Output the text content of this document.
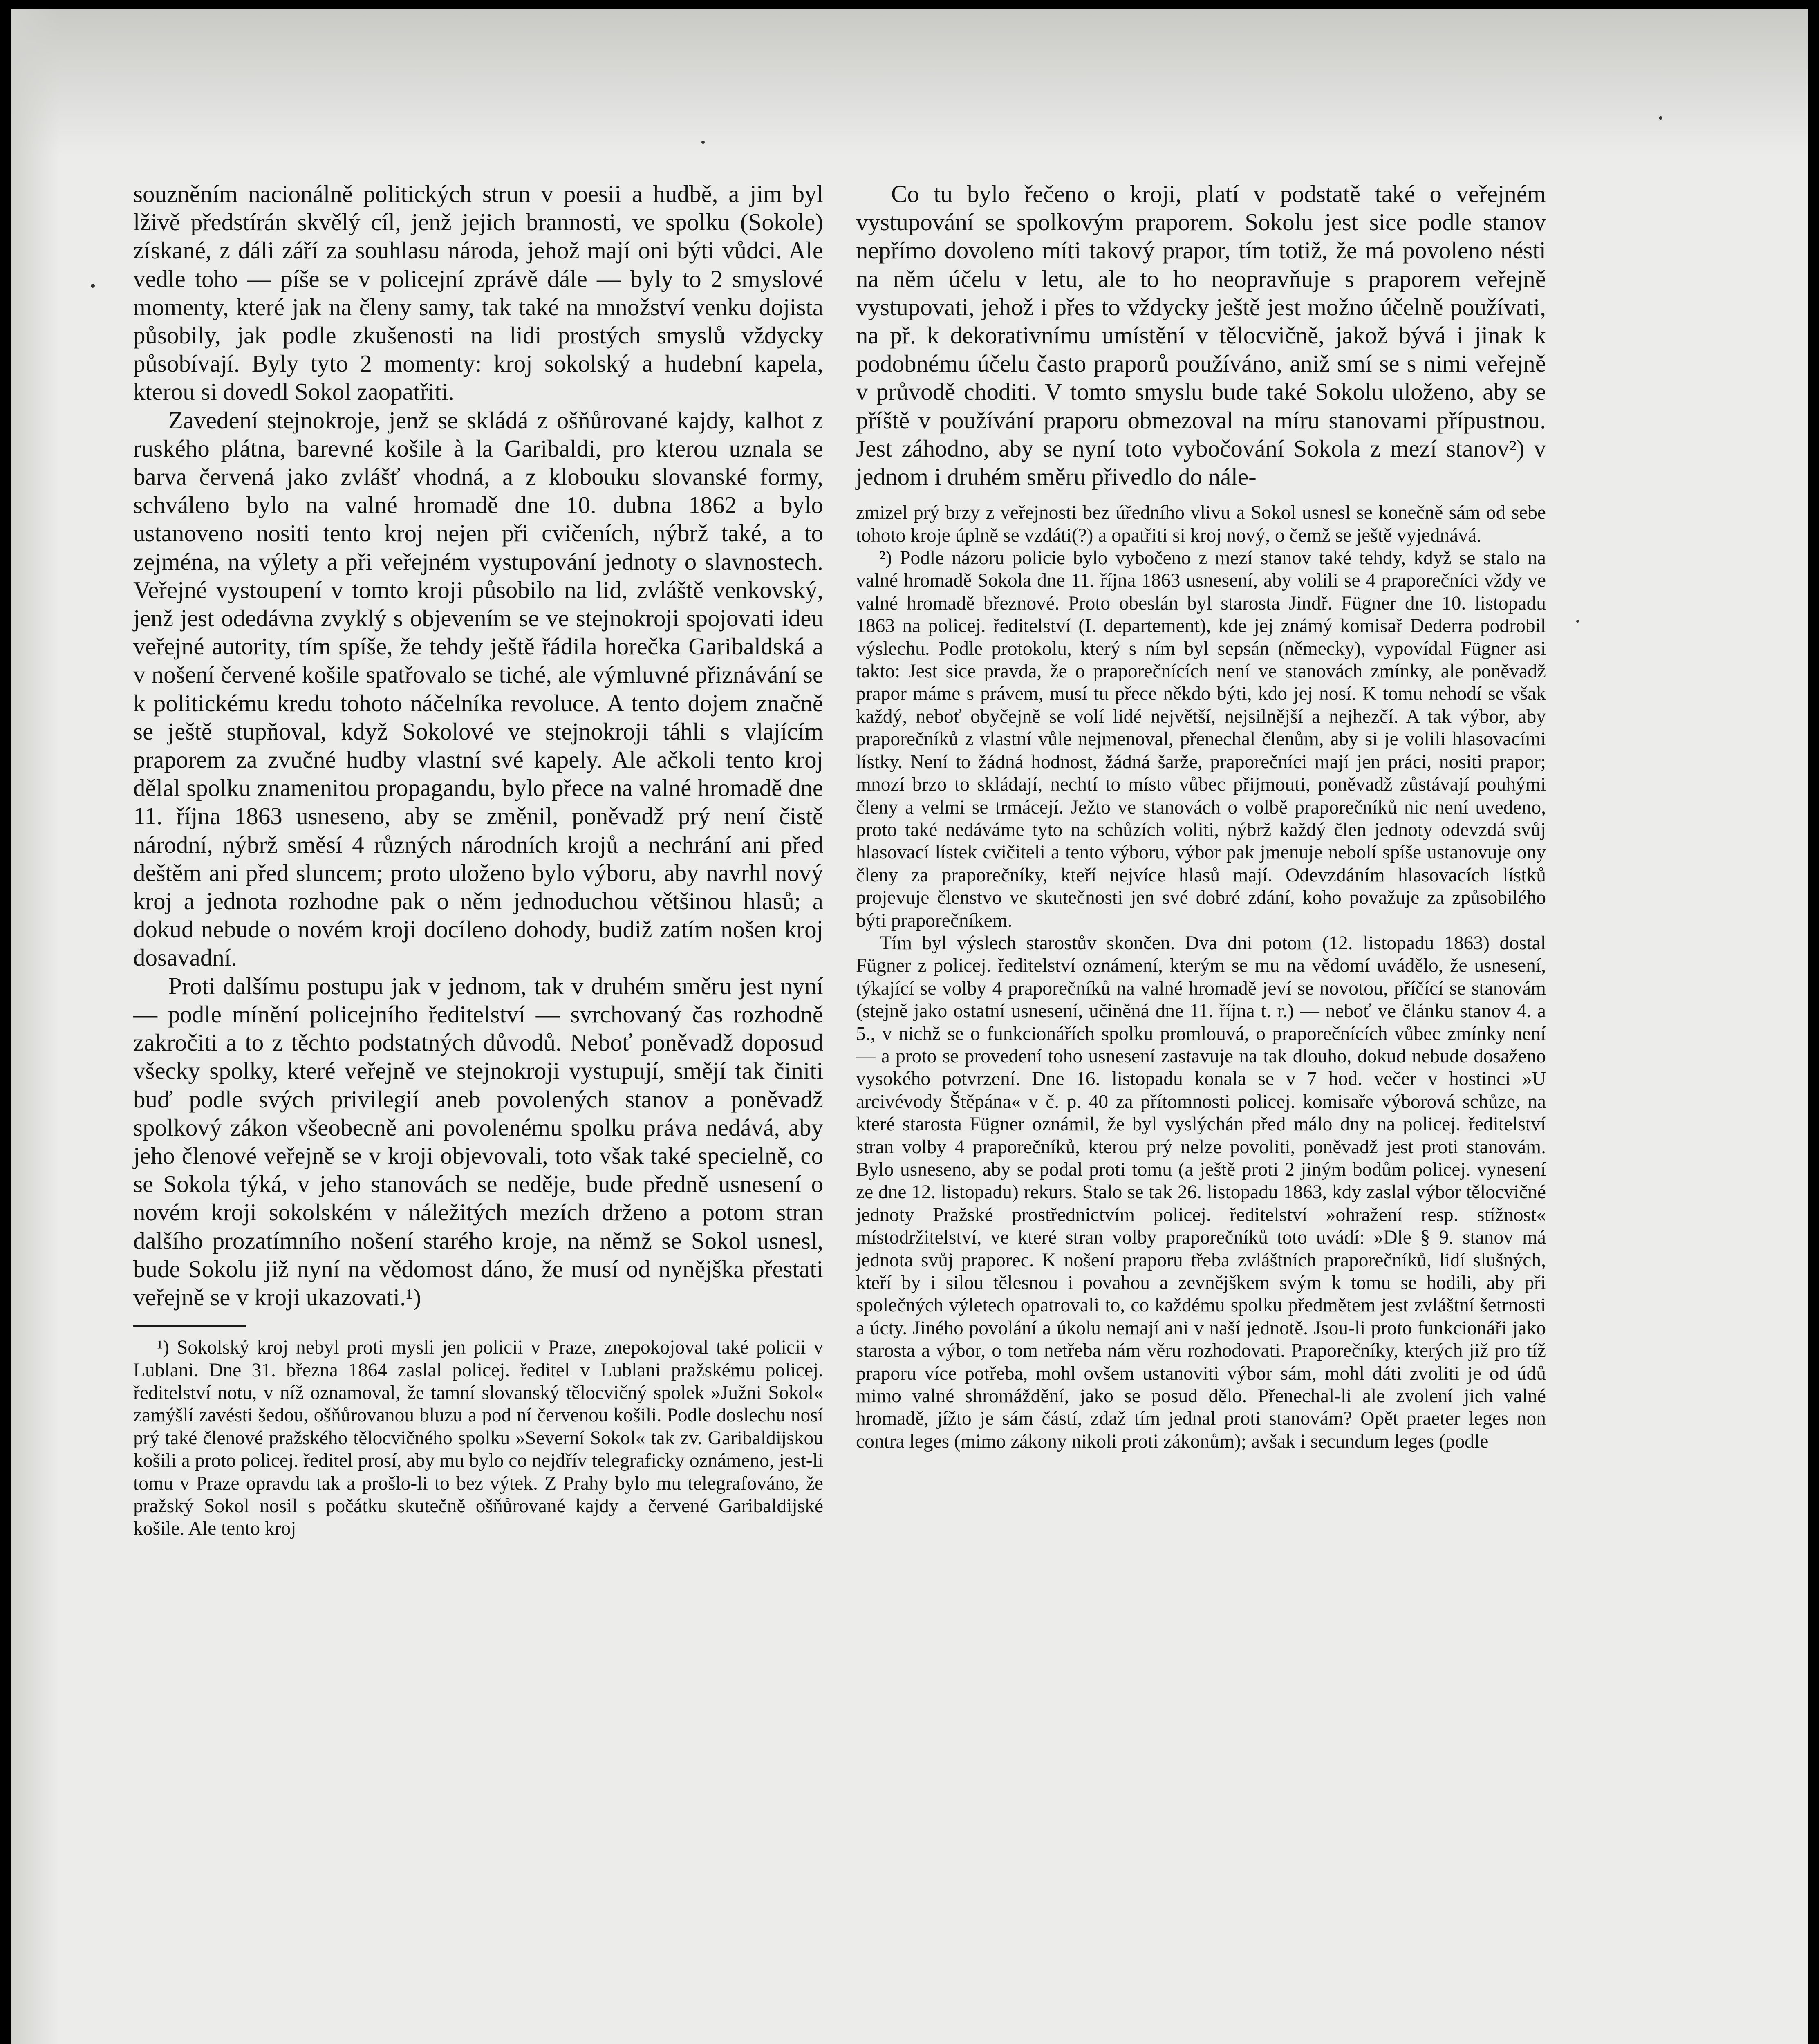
souzněním nacionálně politických strun v poesii a hudbě, a jim byl lživě předstírán skvělý cíl, jenž jejich brannosti, ve spolku (Sokole) získané, z dáli září za souhlasu národa, jehož mají oni býti vůdci. Ale vedle toho — píše se v policejní zprávě dále — byly to 2 smyslové momenty, které jak na členy samy, tak také na množství venku dojista působily, jak podle zkušenosti na lidi prostých smyslů vždycky působívají. Byly tyto 2 momenty: kroj sokolský a hudební kapela, kterou si dovedl Sokol zaopatřiti.
Zavedení stejnokroje, jenž se skládá z ošňůrované kajdy, kalhot z ruského plátna, barevné košile à la Garibaldi, pro kterou uznala se barva červená jako zvlášť vhodná, a z klobouku slovanské formy, schváleno bylo na valné hromadě dne 10. dubna 1862 a bylo ustanoveno nositi tento kroj nejen při cvičeních, nýbrž také, a to zejména, na výlety a při veřejném vystupování jednoty o slavnostech. Veřejné vystoupení v tomto kroji působilo na lid, zvláště venkovský, jenž jest odedávna zvyklý s objevením se ve stejnokroji spojovati ideu veřejné autority, tím spíše, že tehdy ještě řádila horečka Garibaldská a v nošení červené košile spatřovalo se tiché, ale výmluvné přiznávání se k politickému kredu tohoto náčelníka revoluce. A tento dojem značně se ještě stupňoval, když Sokolové ve stejnokroji táhli s vlajícím praporem za zvučné hudby vlastní své kapely. Ale ačkoli tento kroj dělal spolku znamenitou propagandu, bylo přece na valné hromadě dne 11. října 1863 usneseno, aby se změnil, poněvadž prý není čistě národní, nýbrž směsí 4 různých národních krojů a nechrání ani před deštěm ani před sluncem; proto uloženo bylo výboru, aby navrhl nový kroj a jednota rozhodne pak o něm jednoduchou většinou hlasů; a dokud nebude o novém kroji docíleno dohody, budiž zatím nošen kroj dosavadní.
Proti dalšímu postupu jak v jednom, tak v druhém směru jest nyní — podle mínění policejního ředitelství — svrchovaný čas rozhodně zakročiti a to z těchto podstatných důvodů. Neboť poněvadž doposud všecky spolky, které veřejně ve stejnokroji vystupují, smějí tak činiti buď podle svých privilegií aneb povolených stanov a poněvadž spolkový zákon všeobecně ani povolenému spolku práva nedává, aby jeho členové veřejně se v kroji objevovali, toto však také specielně, co se Sokola týká, v jeho stanovách se neděje, bude předně usnesení o novém kroji sokolském v náležitých mezích drženo a potom stran dalšího prozatímního nošení starého kroje, na němž se Sokol usnesl, bude Sokolu již nyní na vědomost dáno, že musí od nynějška přestati veřejně se v kroji ukazovati.¹)
¹) Sokolský kroj nebyl proti mysli jen policii v Praze, znepokojoval také policii v Lublani. Dne 31. března 1864 zaslal policej. ředitel v Lublani pražskému policej. ředitelství notu, v níž oznamoval, že tamní slovanský tělocvičný spolek »Južni Sokol« zamýšlí zavésti šedou, ošňůrovanou bluzu a pod ní červenou košili. Podle doslechu nosí prý také členové pražského tělocvičného spolku »Severní Sokol« tak zv. Garibaldijskou košili a proto policej. ředitel prosí, aby mu bylo co nejdřív telegraficky oznámeno, jest-li tomu v Praze opravdu tak a prošlo-li to bez výtek. Z Prahy bylo mu telegrafováno, že pražský Sokol nosil s počátku skutečně ošňůrované kajdy a červené Garibaldijské košile. Ale tento kroj
Co tu bylo řečeno o kroji, platí v podstatě také o veřejném vystupování se spolkovým praporem. Sokolu jest sice podle stanov nepřímo dovoleno míti takový prapor, tím totiž, že má povoleno nésti na něm účelu v letu, ale to ho neopravňuje s praporem veřejně vystupovati, jehož i přes to vždycky ještě jest možno účelně používati, na př. k dekorativnímu umístění v tělocvičně, jakož bývá i jinak k podobnému účelu často praporů používáno, aniž smí se s nimi veřejně v průvodě choditi. V tomto smyslu bude také Sokolu uloženo, aby se příště v používání praporu obmezoval na míru stanovami přípustnou. Jest záhodno, aby se nyní toto vybočování Sokola z mezí stanov²) v jednom i druhém směru přivedlo do nále-
zmizel prý brzy z veřejnosti bez úředního vlivu a Sokol usnesl se konečně sám od sebe tohoto kroje úplně se vzdáti(?) a opatřiti si kroj nový, o čemž se ještě vyjednává.
²) Podle názoru policie bylo vybočeno z mezí stanov také tehdy, když se stalo na valné hromadě Sokola dne 11. října 1863 usnesení, aby volili se 4 praporečníci vždy ve valné hromadě březnové. Proto obeslán byl starosta Jindř. Fügner dne 10. listopadu 1863 na policej. ředitelství (I. departement), kde jej známý komisař Dederra podrobil výslechu. Podle protokolu, který s ním byl sepsán (německy), vypovídal Fügner asi takto: Jest sice pravda, že o praporečnících není ve stanovách zmínky, ale poněvadž prapor máme s právem, musí tu přece někdo býti, kdo jej nosí. K tomu nehodí se však každý, neboť obyčejně se volí lidé největší, nejsilnější a nejhezčí. A tak výbor, aby praporečníků z vlastní vůle nejmenoval, přenechal členům, aby si je volili hlasovacími lístky. Není to žádná hodnost, žádná šarže, praporečníci mají jen práci, nositi prapor; mnozí brzo to skládají, nechtí to místo vůbec přijmouti, poněvadž zůstávají pouhými členy a velmi se trmácejí. Ježto ve stanovách o volbě praporečníků nic není uvedeno, proto také nedáváme tyto na schůzích voliti, nýbrž každý člen jednoty odevzdá svůj hlasovací lístek cvičiteli a tento výboru, výbor pak jmenuje nebolí spíše ustanovuje ony členy za praporečníky, kteří nejvíce hlasů mají. Odevzdáním hlasovacích lístků projevuje členstvo ve skutečnosti jen své dobré zdání, koho považuje za způsobilého býti praporečníkem.
Tím byl výslech starostův skončen. Dva dni potom (12. listopadu 1863) dostal Fügner z policej. ředitelství oznámení, kterým se mu na vědomí uvádělo, že usnesení, týkající se volby 4 praporečníků na valné hromadě jeví se novotou, příčící se stanovám (stejně jako ostatní usnesení, učiněná dne 11. října t. r.) — neboť ve článku stanov 4. a 5., v nichž se o funkcionářích spolku promlouvá, o praporečnících vůbec zmínky není — a proto se provedení toho usnesení zastavuje na tak dlouho, dokud nebude dosaženo vysokého potvrzení. Dne 16. listopadu konala se v 7 hod. večer v hostinci »U arcivévody Štěpána« v č. p. 40 za přítomnosti policej. komisaře výborová schůze, na které starosta Fügner oznámil, že byl vyslýchán před málo dny na policej. ředitelství stran volby 4 praporečníků, kterou prý nelze povoliti, poněvadž jest proti stanovám. Bylo usneseno, aby se podal proti tomu (a ještě proti 2 jiným bodům policej. vynesení ze dne 12. listopadu) rekurs. Stalo se tak 26. listopadu 1863, kdy zaslal výbor tělocvičné jednoty Pražské prostřednictvím policej. ředitelství »ohražení resp. stížnost« místodržitelství, ve které stran volby praporečníků toto uvádí: »Dle § 9. stanov má jednota svůj praporec. K nošení praporu třeba zvláštních praporečníků, lidí slušných, kteří by i silou tělesnou i povahou a zevnějškem svým k tomu se hodili, aby při společných výletech opatrovali to, co každému spolku předmětem jest zvláštní šetrnosti a úcty. Jiného povolání a úkolu nemají ani v naší jednotě. Jsou-li proto funkcionáři jako starosta a výbor, o tom netřeba nám věru rozhodovati. Praporečníky, kterých již pro tíž praporu více potřeba, mohl ovšem ustanoviti výbor sám, mohl dáti zvoliti je od údů mimo valné shromáždění, jako se posud dělo. Přenechal-li ale zvolení jich valné hromadě, jížto je sám částí, zdaž tím jednal proti stanovám? Opět praeter leges non contra leges (mimo zákony nikoli proti zákonům); avšak i secundum leges (podle
